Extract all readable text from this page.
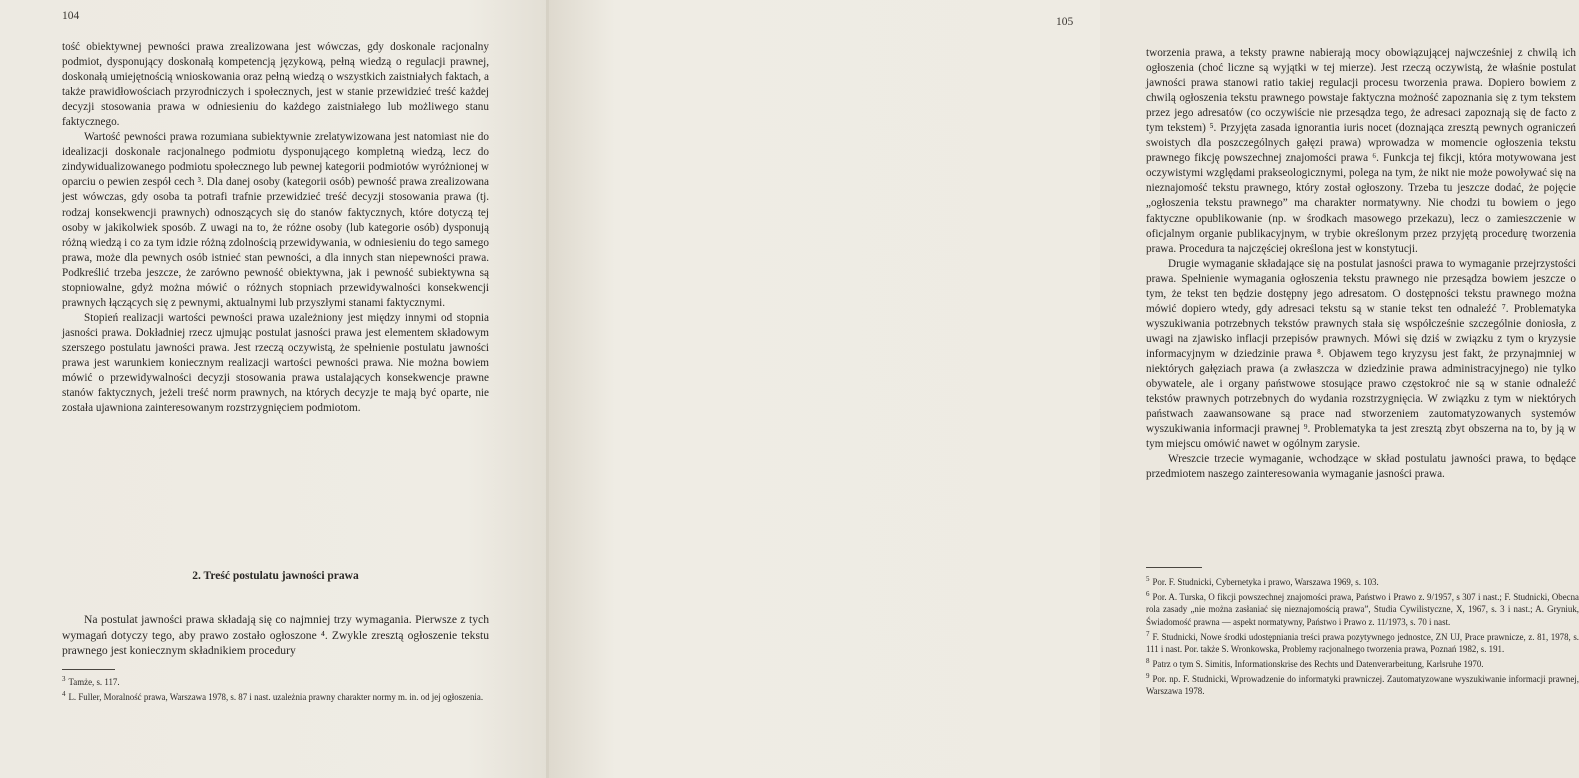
104

tość obiektywnej pewności prawa zrealizowana jest wówczas, gdy doskonale racjonalny podmiot, dysponujący doskonałą kompetencją językową, pełną wiedzą o regulacji prawnej, doskonałą umiejętnością wnioskowania oraz pełną wiedzą o wszystkich zaistniałych faktach, a także prawidłowościach przyrodniczych i społecznych, jest w stanie przewidzieć treść każdej decyzji stosowania prawa w odniesieniu do każdego zaistniałego lub możliwego stanu faktycznego.

Wartość pewności prawa rozumiana subiektywnie zrelatywizowana jest natomiast nie do idealizacji doskonale racjonalnego podmiotu dysponującego kompletną wiedzą, lecz do zindywidualizowanego podmiotu społecznego lub pewnej kategorii podmiotów wyróżnionej w oparciu o pewien zespół cech ³. Dla danej osoby (kategorii osób) pewność prawa zrealizowana jest wówczas, gdy osoba ta potrafi trafnie przewidzieć treść decyzji stosowania prawa (tj. rodzaj konsekwencji prawnych) odnoszących się do stanów faktycznych, które dotyczą tej osoby w jakikolwiek sposób. Z uwagi na to, że różne osoby (lub kategorie osób) dysponują różną wiedzą i co za tym idzie różną zdolnością przewidywania, w odniesieniu do tego samego prawa, może dla pewnych osób istnieć stan pewności, a dla innych stan niepewności prawa. Podkreślić trzeba jeszcze, że zarówno pewność obiektywna, jak i pewność subiektywna są stopniowalne, gdyż można mówić o różnych stopniach przewidywalności konsekwencji prawnych łączących się z pewnymi, aktualnymi lub przyszłymi stanami faktycznymi.

Stopień realizacji wartości pewności prawa uzależniony jest między innymi od stopnia jasności prawa. Dokładniej rzecz ujmując postulat jasności prawa jest elementem składowym szerszego postulatu jawności prawa. Jest rzeczą oczywistą, że spełnienie postulatu jawności prawa jest warunkiem koniecznym realizacji wartości pewności prawa. Nie można bowiem mówić o przewidywalności decyzji stosowania prawa ustalających konsekwencje prawne stanów faktycznych, jeżeli treść norm prawnych, na których decyzje te mają być oparte, nie została ujawniona zainteresowanym rozstrzygnięciem podmiotom.

2. Treść postulatu jawności prawa

Na postulat jawności prawa składają się co najmniej trzy wymagania. Pierwsze z tych wymagań dotyczy tego, aby prawo zostało ogłoszone ⁴. Zwykle zresztą ogłoszenie tekstu prawnego jest koniecznym składnikiem procedury

$^3$ Tamże, s. 117.
$^4$ L. Fuller, Moralność prawa, Warszawa 1978, s. 87 i nast. uzależnia prawny charakter normy m. in. od jej ogłoszenia.
105

tworzenia prawa, a teksty prawne nabierają mocy obowiązującej najwcześniej z chwilą ich ogłoszenia (choć liczne są wyjątki w tej mierze). Jest rzeczą oczywistą, że właśnie postulat jawności prawa stanowi ratio takiej regulacji procesu tworzenia prawa. Dopiero bowiem z chwilą ogłoszenia tekstu prawnego powstaje faktyczna możność zapoznania się z tym tekstem przez jego adresatów (co oczywiście nie przesądza tego, że adresaci zapoznają się de facto z tym tekstem) ⁵. Przyjęta zasada ignorantia iuris nocet (doznająca zresztą pewnych ograniczeń swoistych dla poszczególnych gałęzi prawa) wprowadza w momencie ogłoszenia tekstu prawnego fikcję powszechnej znajomości prawa ⁶. Funkcja tej fikcji, która motywowana jest oczywistymi względami prakseologicznymi, polega na tym, że nikt nie może powoływać się na nieznajomość tekstu prawnego, który został ogłoszony. Trzeba tu jeszcze dodać, że pojęcie „ogłoszenia tekstu prawnego” ma charakter normatywny. Nie chodzi tu bowiem o jego faktyczne opublikowanie (np. w środkach masowego przekazu), lecz o zamieszczenie w oficjalnym organie publikacyjnym, w trybie określonym przez przyjętą procedurę tworzenia prawa. Procedura ta najczęściej określona jest w konstytucji.

Drugie wymaganie składające się na postulat jasności prawa to wymaganie przejrzystości prawa. Spełnienie wymagania ogłoszenia tekstu prawnego nie przesądza bowiem jeszcze o tym, że tekst ten będzie dostępny jego adresatom. O dostępności tekstu prawnego można mówić dopiero wtedy, gdy adresaci tekstu są w stanie tekst ten odnaleźć ⁷. Problematyka wyszukiwania potrzebnych tekstów prawnych stała się współcześnie szczególnie doniosła, z uwagi na zjawisko inflacji przepisów prawnych. Mówi się dziś w związku z tym o kryzysie informacyjnym w dziedzinie prawa ⁸. Objawem tego kryzysu jest fakt, że przynajmniej w niektórych gałęziach prawa (a zwłaszcza w dziedzinie prawa administracyjnego) nie tylko obywatele, ale i organy państwowe stosujące prawo częstokroć nie są w stanie odnaleźć tekstów prawnych potrzebnych do wydania rozstrzygnięcia. W związku z tym w niektórych państwach zaawansowane są prace nad stworzeniem zautomatyzowanych systemów wyszukiwania informacji prawnej ⁹. Problematyka ta jest zresztą zbyt obszerna na to, by ją w tym miejscu omówić nawet w ogólnym zarysie.

Wreszcie trzecie wymaganie, wchodzące w skład postulatu jawności prawa, to będące przedmiotem naszego zainteresowania wymaganie jasności prawa.

$^5$ Por. F. Studnicki, Cybernetyka i prawo, Warszawa 1969, s. 103.
$^6$ Por. A. Turska, O fikcji powszechnej znajomości prawa, Państwo i Prawo z. 9/1957, s 307 i nast.; F. Studnicki, Obecna rola zasady „nie można zasłaniać się nieznajomością prawa”, Studia Cywilistyczne, X, 1967, s. 3 i nast.; A. Gryniuk, Świadomość prawna — aspekt normatywny, Państwo i Prawo z. 11/1973, s. 70 i nast.
$^7$ F. Studnicki, Nowe środki udostępniania treści prawa pozytywnego jednostce, ZN UJ, Prace prawnicze, z. 81, 1978, s. 111 i nast. Por. także S. Wronkowska, Problemy racjonalnego tworzenia prawa, Poznań 1982, s. 191.
$^8$ Patrz o tym S. Simitis, Informationskrise des Rechts und Datenverarbeitung, Karlsruhe 1970.
$^9$ Por. np. F. Studnicki, Wprowadzenie do informatyki prawniczej. Zautomatyzowane wyszukiwanie informacji prawnej, Warszawa 1978.
